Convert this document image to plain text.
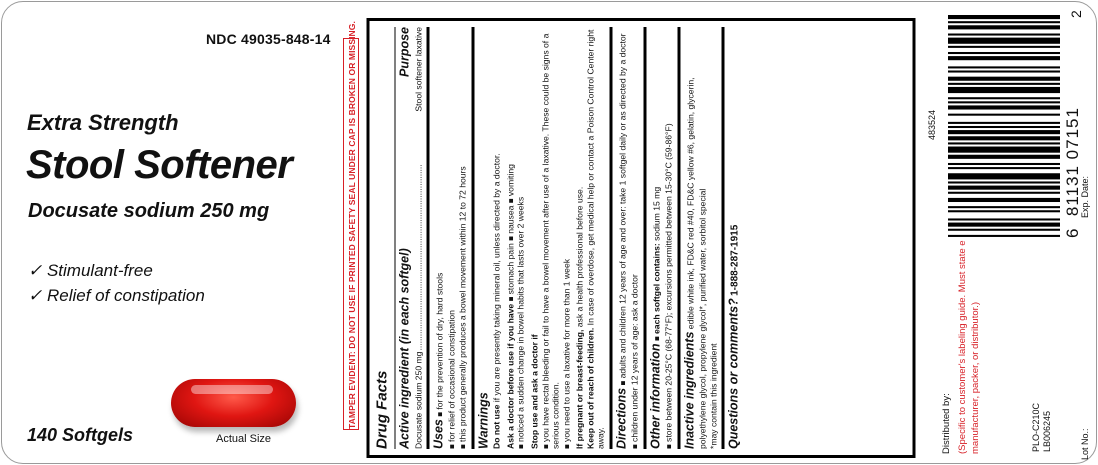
NDC 49035-848-14
Extra Strength
Stool Softener
Docusate sodium 250 mg
✓ Stimulant-free
✓ Relief of constipation
140 Softgels	Actual Size
TAMPER EVIDENT: DO NOT USE IF PRINTED SAFETY SEAL UNDER CAP IS BROKEN OR MISSING. Drug Facts Active ingredient (in each softgel)
Purpose
Docusate sodium 250 mg
..............................................................................
Stool softener laxative
Uses ■ for the prevention of dry, hard stools
■ for relief of occasional constipation
■ this product generally produces a bowel movement within 12 to 72 hours Warnings Do not use if you are presently taking mineral oil, unless directed by a doctor. Ask a doctor before use if you have ■ stomach pain ■ nausea ■ vomiting
■ noticed a sudden change in bowel habits that lasts over 2 weeks Stop use and ask a doctor if ■ you have rectal bleeding or fail to have a bowel movement after use of a laxative. These could be signs of a serious condition. ■ you need to use a laxative for more than 1 week If pregnant or breast-feeding, ask a health professional before use.
Keep out of reach of children. In case of overdose, get medical help or contact a Poison Control Center right away. Directions ■ adults and children 12 years of age and over: take 1 softgel daily or as directed by a doctor ■ children under 12 years of age: ask a doctor Other information ■ each softgel contains: sodium 15 mg
■ store between 20-25°C (68-77°F); excursions permitted between 15-30°C (59-86°F) Inactive ingredients edible white ink, FD&C red #40, FD&C yellow #6, gelatin, glycerin, polyethylene glycol, propylene glycol*, purified water, sorbitol special *may contain this ingredient Questions or comments? 1-888-287-1915
Distributed by: (Specific to customer's labeling guide. Must state e manufacturer, packer, or distributor.)	PLO-C210C LB006245	Lot No.:
Exp. Date:
483524
6  81131 07151
2
